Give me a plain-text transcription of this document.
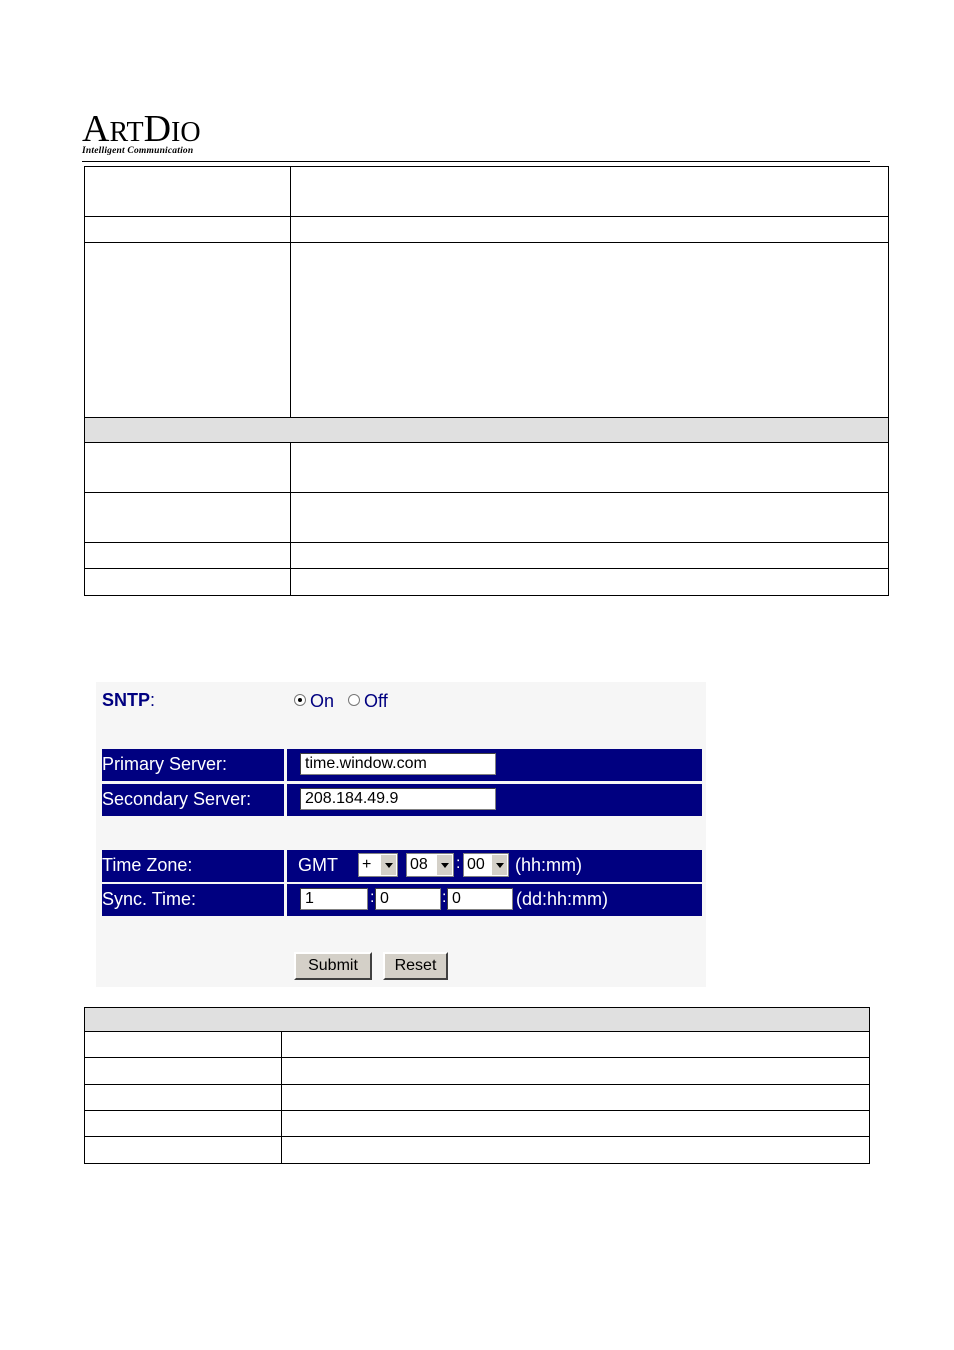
ARTDIO
Intelligent Communication
SNTP:	On Off
Primary Server:
time.window.com
Secondary Server:
208.184.49.9
Time Zone:	GMT + 08 : 00 (hh:mm)
Sync. Time:
1	:
0	:
0	(dd:hh:mm)
Submit	Reset
